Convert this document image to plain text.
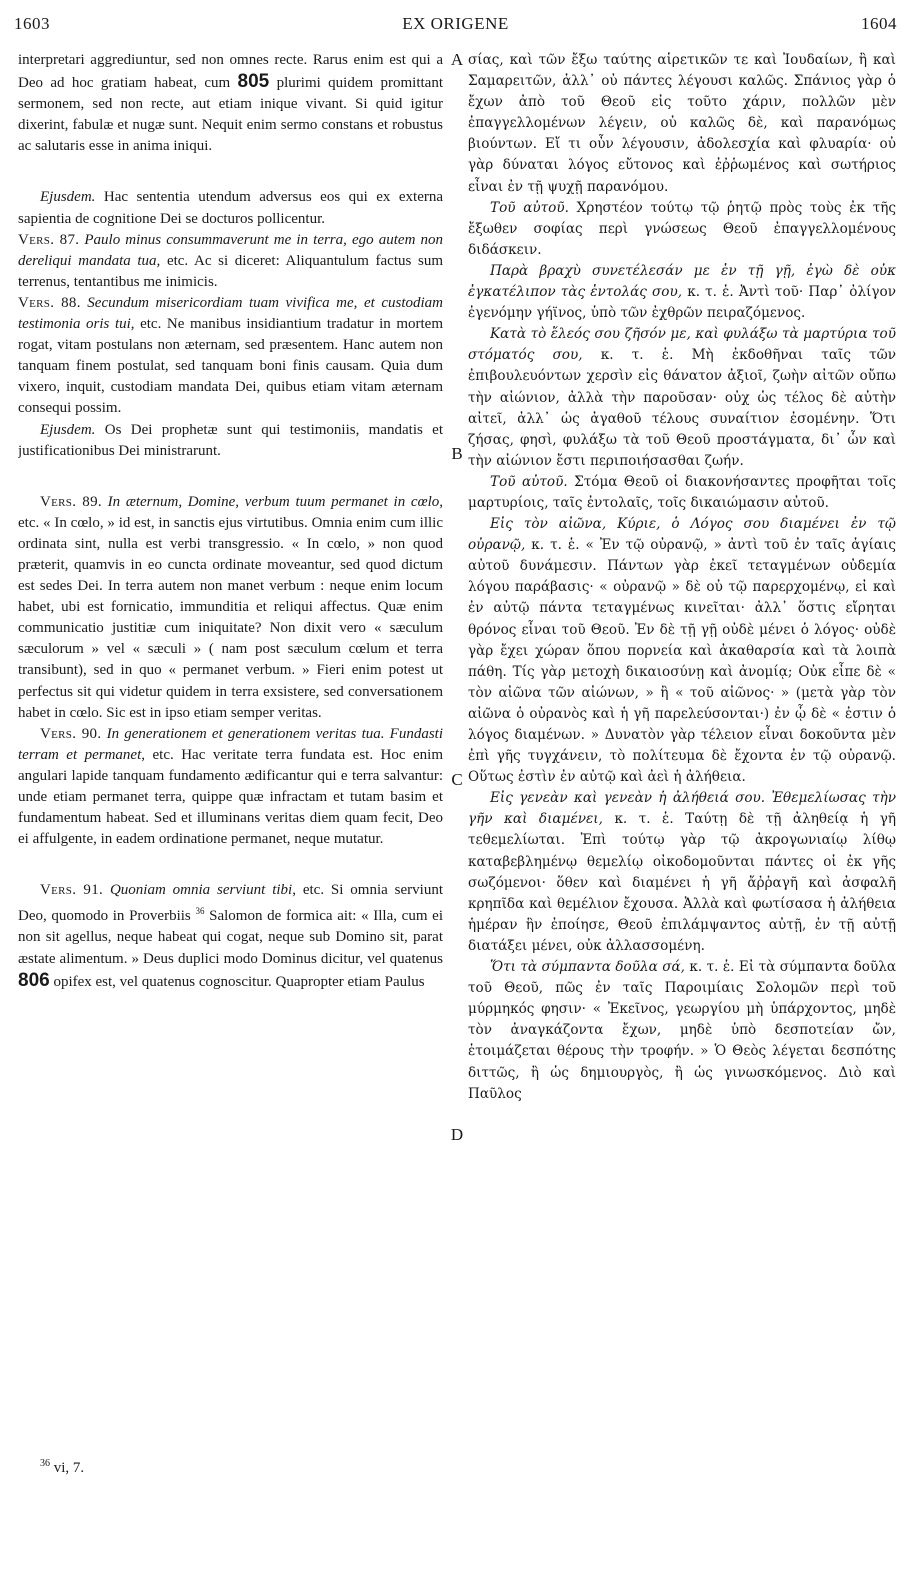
1603	EX ORIGENE	1604
A
B
C
D

interpretari aggrediuntur, sed non omnes recte. Rarus enim est qui a Deo ad hoc gratiam habeat, cum 805 plurimi quidem promittant sermonem, sed non recte, aut etiam inique vivant. Si quid igitur dixerint, fabulæ et nugæ sunt. Nequit enim sermo constans et robustus ac salutaris esse in anima iniqui.

Ejusdem. Hac sententia utendum adversus eos qui ex externa sapientia de cognitione Dei se docturos pollicentur.

Vers. 87. Paulo minus consummaverunt me in terra, ego autem non dereliqui mandata tua, etc. Ac si diceret: Aliquantulum factus sum terrenus, tentantibus me inimicis.

Vers. 88. Secundum misericordiam tuam vivifica me, et custodiam testimonia oris tui, etc. Ne manibus insidiantium tradatur in mortem rogat, vitam postulans non æternam, sed præsentem. Hanc autem non tanquam finem postulat, sed tanquam boni finis causam. Quia dum vixero, inquit, custodiam mandata Dei, quibus etiam vitam æternam consequi possim.

Ejusdem. Os Dei prophetæ sunt qui testimoniis, mandatis et justificationibus Dei ministrarunt.

Vers. 89. In æternum, Domine, verbum tuum permanet in cœlo, etc. « In cœlo, » id est, in sanctis ejus virtutibus. Omnia enim cum illic ordinata sint, nulla est verbi transgressio. « In cœlo, » non quod præterit, quamvis in eo cuncta ordinate moveantur, sed quod dictum est sedes Dei. In terra autem non manet verbum : neque enim locum habet, ubi est fornicatio, immunditia et reliqui affectus. Quæ enim communicatio justitiæ cum iniquitate? Non dixit vero « sæculum sæculorum » vel « sæculi » ( nam post sæculum cœlum et terra transibunt), sed in quo « permanet verbum. » Fieri enim potest ut perfectus sit qui videtur quidem in terra exsistere, sed conversationem habet in cœlo. Sic est in ipso etiam semper veritas.

Vers. 90. In generationem et generationem veritas tua. Fundasti terram et permanet, etc. Hac veritate terra fundata est. Hoc enim angulari lapide tanquam fundamento ædificantur qui e terra salvantur: unde etiam permanet terra, quippe quæ infractam et tutam basim et fundamentum habeat. Sed et illuminans veritas diem quam fecit, Deo ei affulgente, in eadem ordinatione permanet, neque mutatur.

Vers. 91. Quoniam omnia serviunt tibi, etc. Si omnia serviunt Deo, quomodo in Proverbiis $^{36}$ Salomon de formica ait: « Illa, cum ei non sit agellus, neque habeat qui cogat, neque sub Domino sit, parat æstate alimentum. » Deus duplici modo Dominus dicitur, vel quatenus 806 opifex est, vel quatenus cognoscitur. Quapropter etiam Paulus

σίας, καὶ τῶν ἔξω ταύτης αἱρετικῶν τε καὶ Ἰουδαίων, ἢ καὶ Σαμαρειτῶν, ἀλλ᾽ οὐ πάντες λέγουσι καλῶς. Σπάνιος γὰρ ὁ ἔχων ἀπὸ τοῦ Θεοῦ εἰς τοῦτο χάριν, πολλῶν μὲν ἐπαγγελλομένων λέγειν, οὐ καλῶς δὲ, καὶ παρανόμως βιούντων. Εἴ τι οὖν λέγουσιν, ἀδολεσχία καὶ φλυαρία· οὐ γὰρ δύναται λόγος εὔτονος καὶ ἐῤῥωμένος καὶ σωτήριος εἶναι ἐν τῇ ψυχῇ παρανόμου.

Τοῦ αὐτοῦ. Χρηστέον τούτῳ τῷ ῥητῷ πρὸς τοὺς ἐκ τῆς ἔξωθεν σοφίας περὶ γνώσεως Θεοῦ ἐπαγγελλομένους διδάσκειν.

Παρὰ βραχὺ συνετέλεσάν με ἐν τῇ γῇ, ἐγὼ δὲ οὐκ ἐγκατέλιπον τὰς ἐντολάς σου, κ. τ. ἑ. Ἀντὶ τοῦ· Παρ᾽ ὀλίγον ἐγενόμην γήϊνος, ὑπὸ τῶν ἐχθρῶν πειραζόμενος.

Κατὰ τὸ ἔλεός σου ζῆσόν με, καὶ φυλάξω τὰ μαρτύρια τοῦ στόματός σου, κ. τ. ἑ. Μὴ ἐκδοθῆναι ταῖς τῶν ἐπιβουλευόντων χερσὶν εἰς θάνατον ἀξιοῖ, ζωὴν αἰτῶν οὔπω τὴν αἰώνιον, ἀλλὰ τὴν παροῦσαν· οὐχ ὡς τέλος δὲ αὐτὴν αἰτεῖ, ἀλλ᾽ ὡς ἀγαθοῦ τέλους συναίτιον ἐσομένην. Ὅτι ζήσας, φησὶ, φυλάξω τὰ τοῦ Θεοῦ προστάγματα, δι᾽ ὧν καὶ τὴν αἰώνιον ἔστι περιποιήσασθαι ζωήν.

Τοῦ αὐτοῦ. Στόμα Θεοῦ οἱ διακονήσαντες προφῆται τοῖς μαρτυρίοις, ταῖς ἐντολαῖς, τοῖς δικαιώμασιν αὐτοῦ.

Εἰς τὸν αἰῶνα, Κύριε, ὁ Λόγος σου διαμένει ἐν τῷ οὐρανῷ, κ. τ. ἑ. « Ἐν τῷ οὐρανῷ, » ἀντὶ τοῦ ἐν ταῖς ἁγίαις αὐτοῦ δυνάμεσιν. Πάντων γὰρ ἐκεῖ τεταγμένων οὐδεμία λόγου παράβασις· « οὐρανῷ » δὲ οὐ τῷ παρερχομένῳ, εἰ καὶ ἐν αὐτῷ πάντα τεταγμένως κινεῖται· ἀλλ᾽ ὅστις εἴρηται θρόνος εἶναι τοῦ Θεοῦ. Ἐν δὲ τῇ γῇ οὐδὲ μένει ὁ λόγος· οὐδὲ γὰρ ἔχει χώραν ὅπου πορνεία καὶ ἀκαθαρσία καὶ τὰ λοιπὰ πάθη. Τίς γὰρ μετοχὴ δικαιοσύνῃ καὶ ἀνομίᾳ; Οὐκ εἶπε δὲ « τὸν αἰῶνα τῶν αἰώνων, » ἢ « τοῦ αἰῶνος· » (μετὰ γὰρ τὸν αἰῶνα ὁ οὐρανὸς καὶ ἡ γῆ παρελεύσονται·) ἐν ᾧ δὲ « ἐστιν ὁ λόγος διαμένων. » Δυνατὸν γὰρ τέλειον εἶναι δοκοῦντα μὲν ἐπὶ γῆς τυγχάνειν, τὸ πολίτευμα δὲ ἔχοντα ἐν τῷ οὐρανῷ. Οὕτως ἐστὶν ἐν αὐτῷ καὶ ἀεὶ ἡ ἀλήθεια.

Εἰς γενεὰν καὶ γενεὰν ἡ ἀλήθειά σου. Ἐθεμελίωσας τὴν γῆν καὶ διαμένει, κ. τ. ἑ. Ταύτῃ δὲ τῇ ἀληθείᾳ ἡ γῆ τεθεμελίωται. Ἐπὶ τούτῳ γὰρ τῷ ἀκρογωνιαίῳ λίθῳ καταβεβλημένῳ θεμελίῳ οἰκοδομοῦνται πάντες οἱ ἐκ γῆς σωζόμενοι· ὅθεν καὶ διαμένει ἡ γῆ ἄῤῥαγῆ καὶ ἀσφαλῆ κρηπῖδα καὶ θεμέλιον ἔχουσα. Ἀλλὰ καὶ φωτίσασα ἡ ἀλήθεια ἡμέραν ἣν ἐποίησε, Θεοῦ ἐπιλάμψαντος αὐτῇ, ἐν τῇ αὐτῇ διατάξει μένει, οὐκ ἀλλασσομένη.

Ὅτι τὰ σύμπαντα δοῦλα σά, κ. τ. ἑ. Εἰ τὰ σύμπαντα δοῦλα τοῦ Θεοῦ, πῶς ἐν ταῖς Παροιμίαις Σολομῶν περὶ τοῦ μύρμηκός φησιν· « Ἐκεῖνος, γεωργίου μὴ ὑπάρχοντος, μηδὲ τὸν ἀναγκάζοντα ἔχων, μηδὲ ὑπὸ δεσποτείαν ὤν, ἑτοιμάζεται θέρους τὴν τροφήν. » Ὁ Θεὸς λέγεται δεσπότης διττῶς, ἢ ὡς δημιουργὸς, ἢ ὡς γινωσκόμενος. Διὸ καὶ Παῦλος

$^{36}$ vi, 7.
